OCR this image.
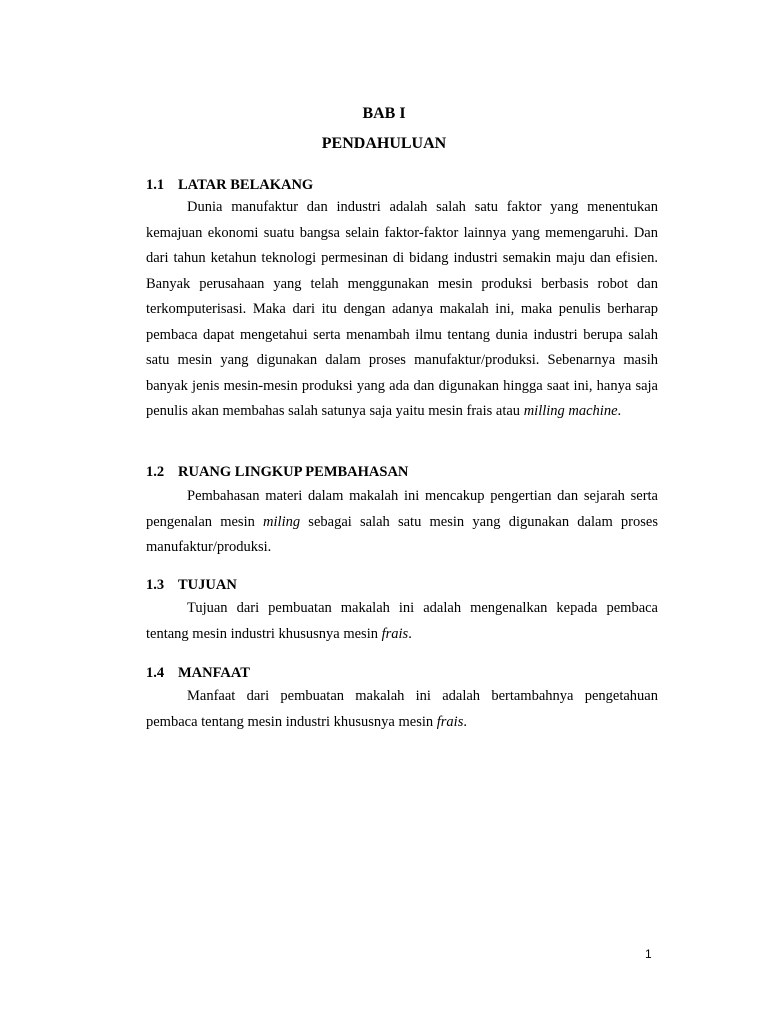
BAB I
PENDAHULUAN
1.1 LATAR BELAKANG

Dunia manufaktur dan industri adalah salah satu faktor yang menentukan kemajuan ekonomi suatu bangsa selain faktor-faktor lainnya yang memengaruhi. Dan dari tahun ketahun teknologi permesinan di bidang industri semakin maju dan efisien. Banyak perusahaan yang telah menggunakan mesin produksi berbasis robot dan terkomputerisasi. Maka dari itu dengan adanya makalah ini, maka penulis berharap pembaca dapat mengetahui serta menambah ilmu tentang dunia industri berupa salah satu mesin yang digunakan dalam proses manufaktur/produksi. Sebenarnya masih banyak jenis mesin-mesin produksi yang ada dan digunakan hingga saat ini, hanya saja penulis akan membahas salah satunya saja yaitu mesin frais atau milling machine.

1.2 RUANG LINGKUP PEMBAHASAN

Pembahasan materi dalam makalah ini mencakup pengertian dan sejarah serta pengenalan mesin miling sebagai salah satu mesin yang digunakan dalam proses manufaktur/produksi.

1.3 TUJUAN

Tujuan dari pembuatan makalah ini adalah mengenalkan kepada pembaca tentang mesin industri khususnya mesin frais.

1.4 MANFAAT

Manfaat dari pembuatan makalah ini adalah bertambahnya pengetahuan pembaca tentang mesin industri khususnya mesin frais.

1
